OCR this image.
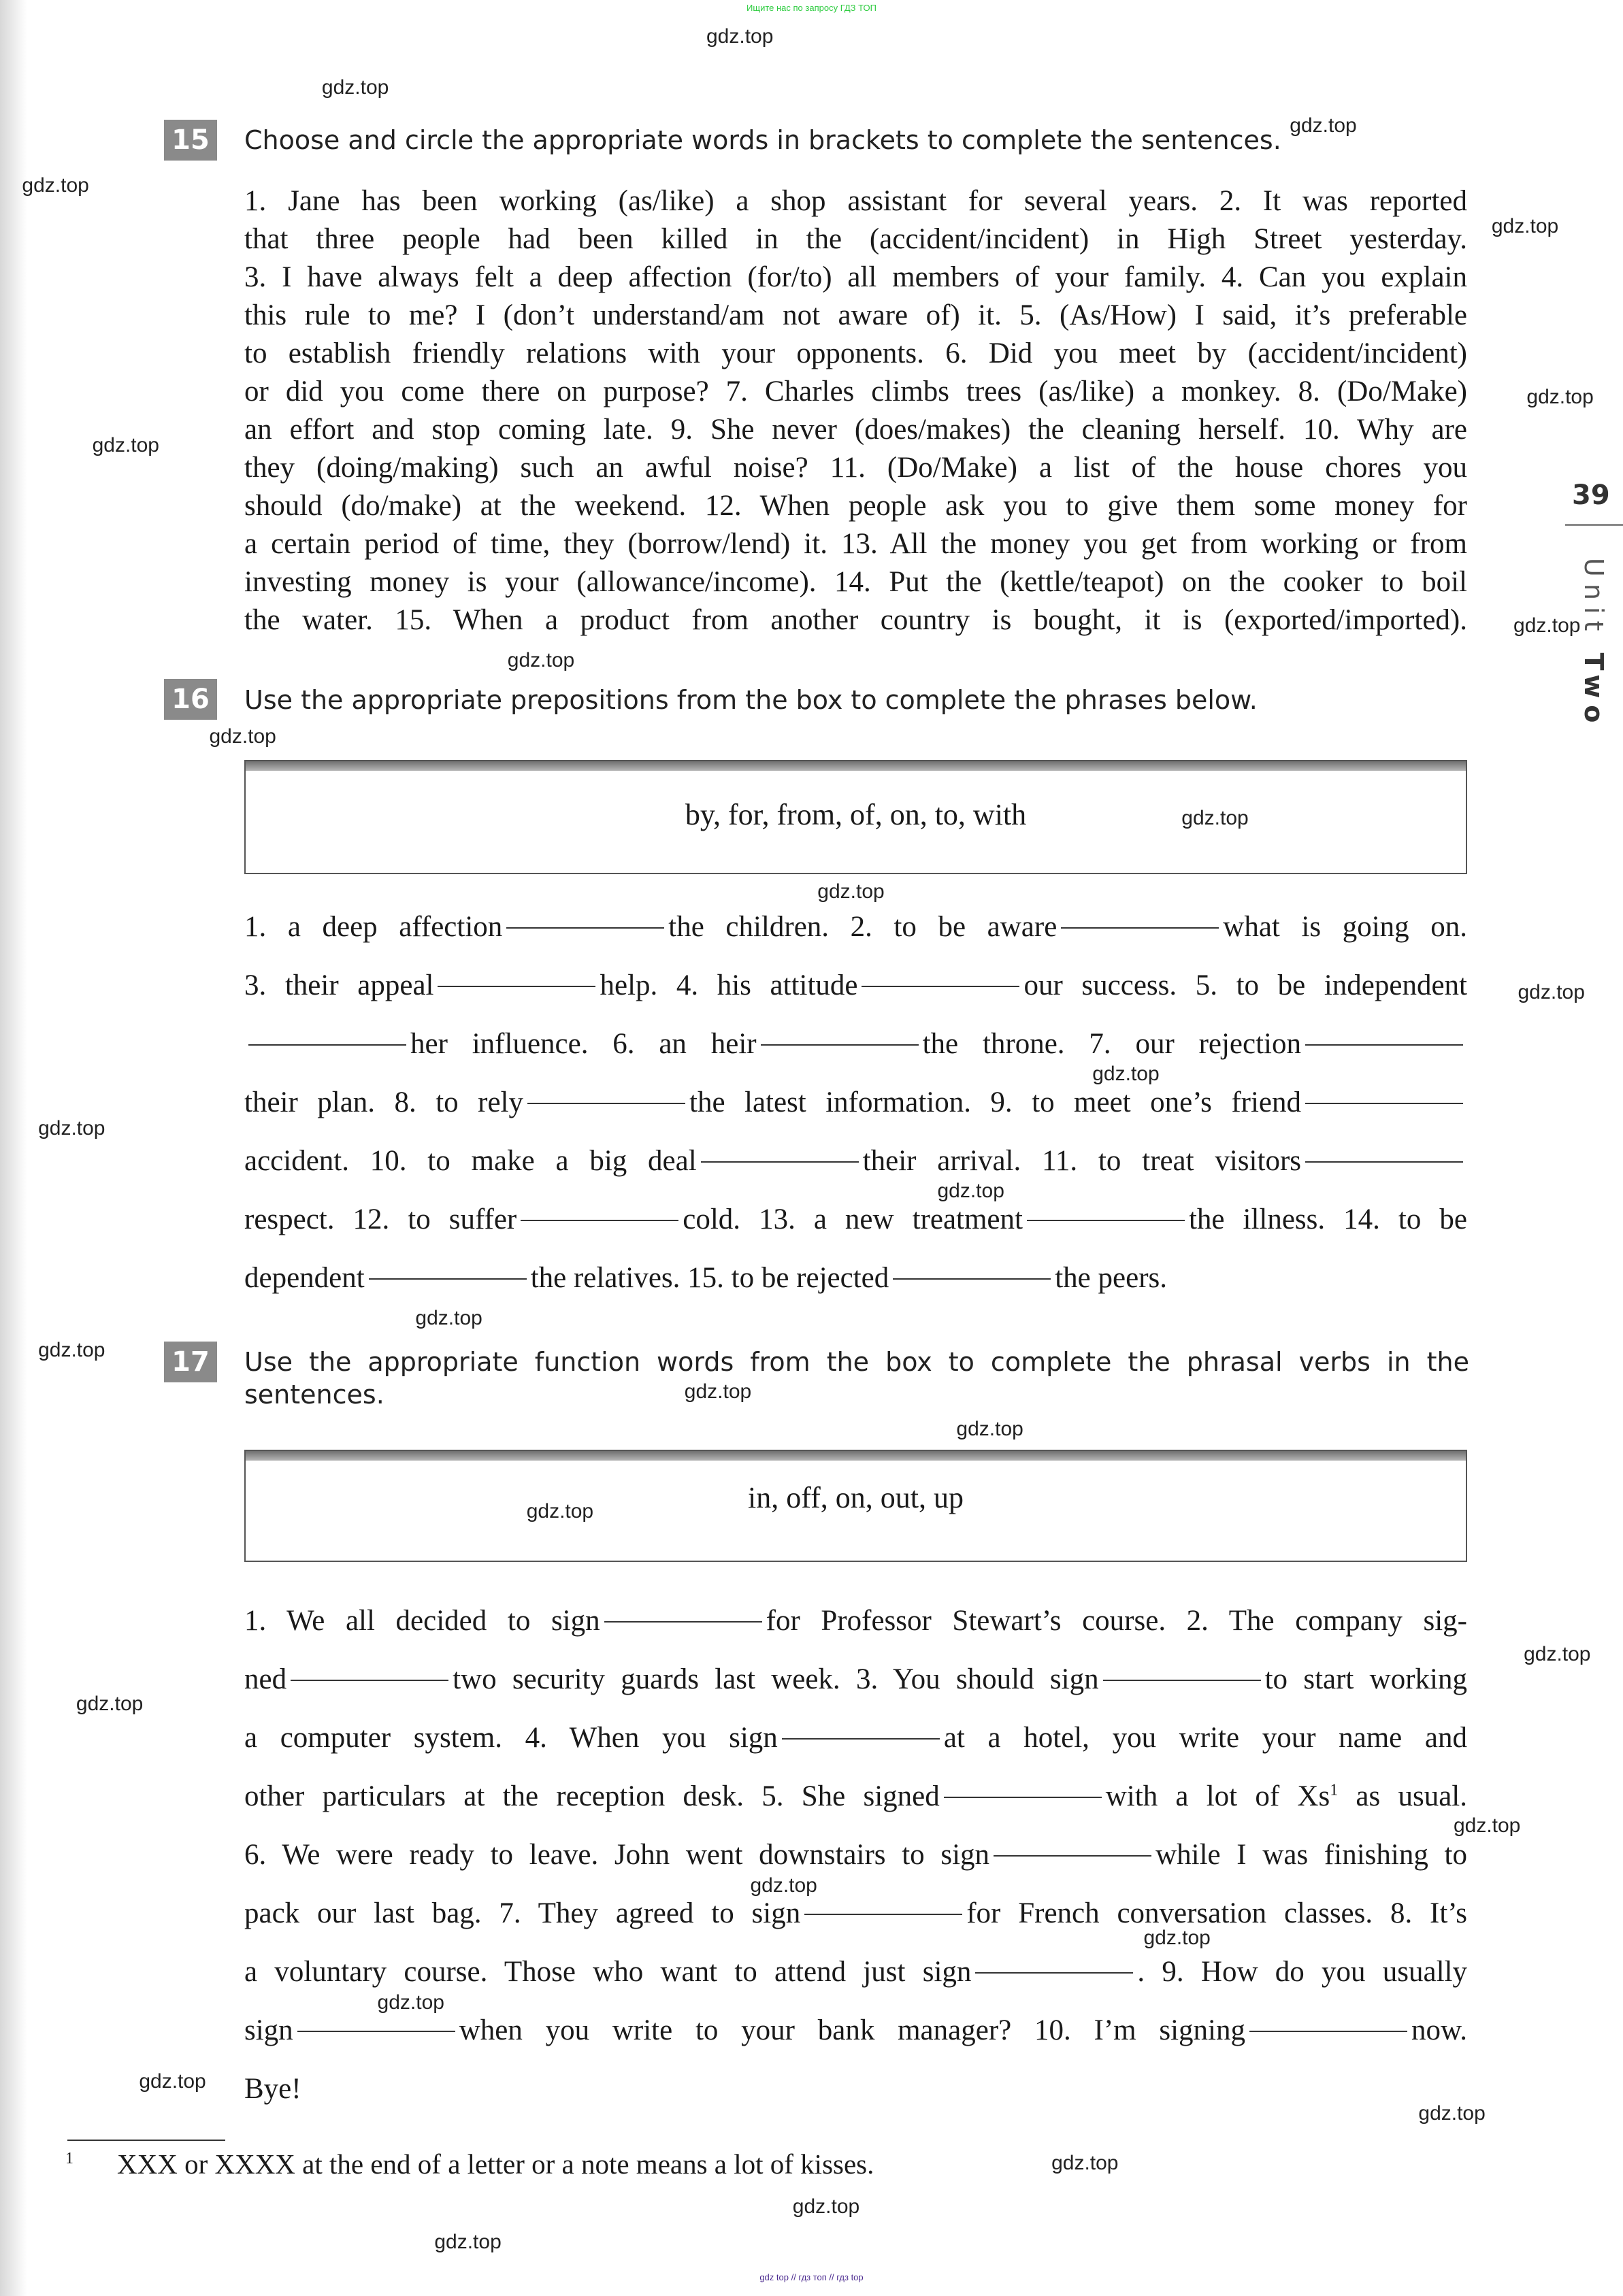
Ищите нас по запросу ГДЗ ТОП
gdz.top
gdz.top
gdz.top
gdz.top
gdz.top
gdz.top
gdz.top
gdz.top
gdz.top
gdz.top
gdz.top
gdz.top
gdz.top
gdz.top
gdz.top
gdz.top
gdz.top
gdz.top
gdz.top
gdz.top
gdz.top
gdz.top
gdz.top
gdz.top
gdz.top
gdz.top
gdz.top
gdz.top
gdz.top
gdz.top
gdz.top
gdz.top
15 Choose and circle the appropriate words in brackets to complete the sentences.
1. Jane has been working (as/like) a shop assistant for several years. 2. It was reported
that three people had been killed in the (accident/incident) in High Street yesterday.
3. I have always felt a deep affection (for/to) all members of your family. 4. Can you explain
this rule to me? I (don’t understand/am not aware of) it. 5. (As/How) I said, it’s preferable
to establish friendly relations with your opponents. 6. Did you meet by (accident/incident)
or did you come there on purpose? 7. Charles climbs trees (as/like) a monkey. 8. (Do/Make)
an effort and stop coming late. 9. She never (does/makes) the cleaning herself. 10. Why are
they (doing/making) such an awful noise? 11. (Do/Make) a list of the house chores you
should (do/make) at the weekend. 12. When people ask you to give them some money for
a certain period of time, they (borrow/lend) it. 13. All the money you get from working or from
investing money is your (allowance/income). 14. Put the (kettle/teapot) on the cooker to boil
the water. 15. When a product from another country is bought, it is (exported/imported).
39
Unit Two
16 Use the appropriate prepositions from the box to complete the phrases below.
by, for, from, of, on, to, with
1. a deep affection	the children. 2. to be aware	what is going on.
3. their appeal	help. 4. his attitude	our success. 5. to be independent
her influence. 6. an heir	the throne. 7. our rejection
their plan. 8. to rely	the latest information. 9. to meet one’s friend
accident. 10. to make a big deal	their arrival. 11. to treat visitors
respect. 12. to suffer	cold. 13. a new treatment	the illness. 14. to be
dependent	the relatives. 15. to be rejected	the peers.
17 Use the appropriate function words from the box to complete the phrasal verbs in the
sentences.
in, off, on, out, up
1. We all decided to sign	for Professor Stewart’s course. 2. The company sig-
ned	two security guards last week. 3. You should sign	to start working
a computer system. 4. When you sign	at a hotel, you write your name and
other particulars at the reception desk. 5. She signed	with a lot of Xs$^1$ as usual.
6. We were ready to leave. John went downstairs to sign	while I was finishing to
pack our last bag. 7. They agreed to sign	for French conversation classes. 8. It’s
a voluntary course. Those who want to attend just sign	. 9. How do you usually
sign	when you write to your bank manager? 10. I’m signing	now.
Bye!
1 XXX or XXXX at the end of a letter or a note means a lot of kisses.
gdz top // гдз топ // гдз top
